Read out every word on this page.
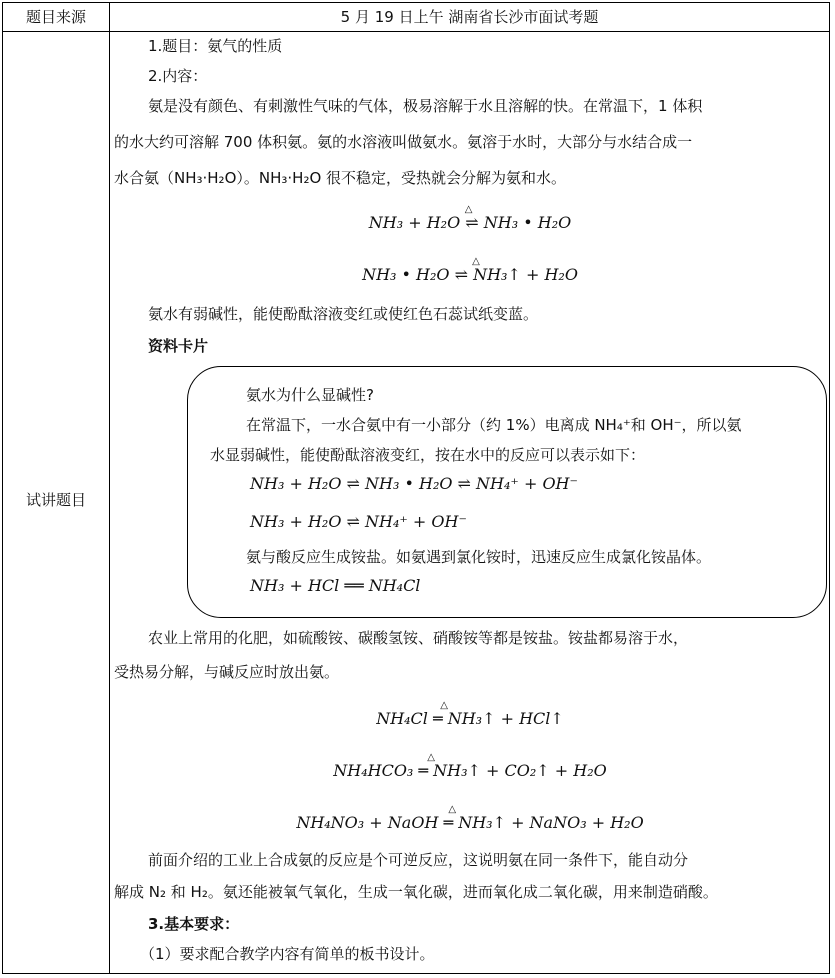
题目来源	5 月 19 日上午 湖南省长沙市面试考题
试讲题目
1.题目：氨气的性质
2.内容：
氨是没有颜色、有刺激性气味的气体，极易溶解于水且溶解的快。在常温下，1 体积
的水大约可溶解 700 体积氨。氨的水溶液叫做氨水。氨溶于水时，大部分与水结合成一
水合氨（NH₃·H₂O）。NH₃·H₂O 很不稳定，受热就会分解为氨和水。
△
NH₃ + H₂O ⇌ NH₃ • H₂O
△
NH₃ • H₂O ⇌ NH₃↑ + H₂O
氨水有弱碱性，能使酚酞溶液变红或使红色石蕊试纸变蓝。
资料卡片
氨水为什么显碱性?
在常温下，一水合氨中有一小部分（约 1%）电离成 NH₄⁺和 OH⁻，所以氨
水显弱碱性，能使酚酞溶液变红，按在水中的反应可以表示如下：
NH₃ + H₂O ⇌ NH₃ • H₂O ⇌ NH₄⁺ + OH⁻
NH₃ + H₂O ⇌ NH₄⁺ + OH⁻
氨与酸反应生成铵盐。如氨遇到氯化铵时，迅速反应生成氯化铵晶体。
NH₃ + HCl ══ NH₄Cl
农业上常用的化肥，如硫酸铵、碳酸氢铵、硝酸铵等都是铵盐。铵盐都易溶于水，
受热易分解，与碱反应时放出氨。
△
NH₄Cl ═ NH₃↑ + HCl↑
△
NH₄HCO₃ ═ NH₃↑ + CO₂↑ + H₂O
△
NH₄NO₃ + NaOH ═ NH₃↑ + NaNO₃ + H₂O
前面介绍的工业上合成氨的反应是个可逆反应，这说明氨在同一条件下，能自动分
解成 N₂ 和 H₂。氨还能被氧气氧化，生成一氧化碳，进而氧化成二氧化碳，用来制造硝酸。
3.基本要求：
（1）要求配合教学内容有简单的板书设计。
